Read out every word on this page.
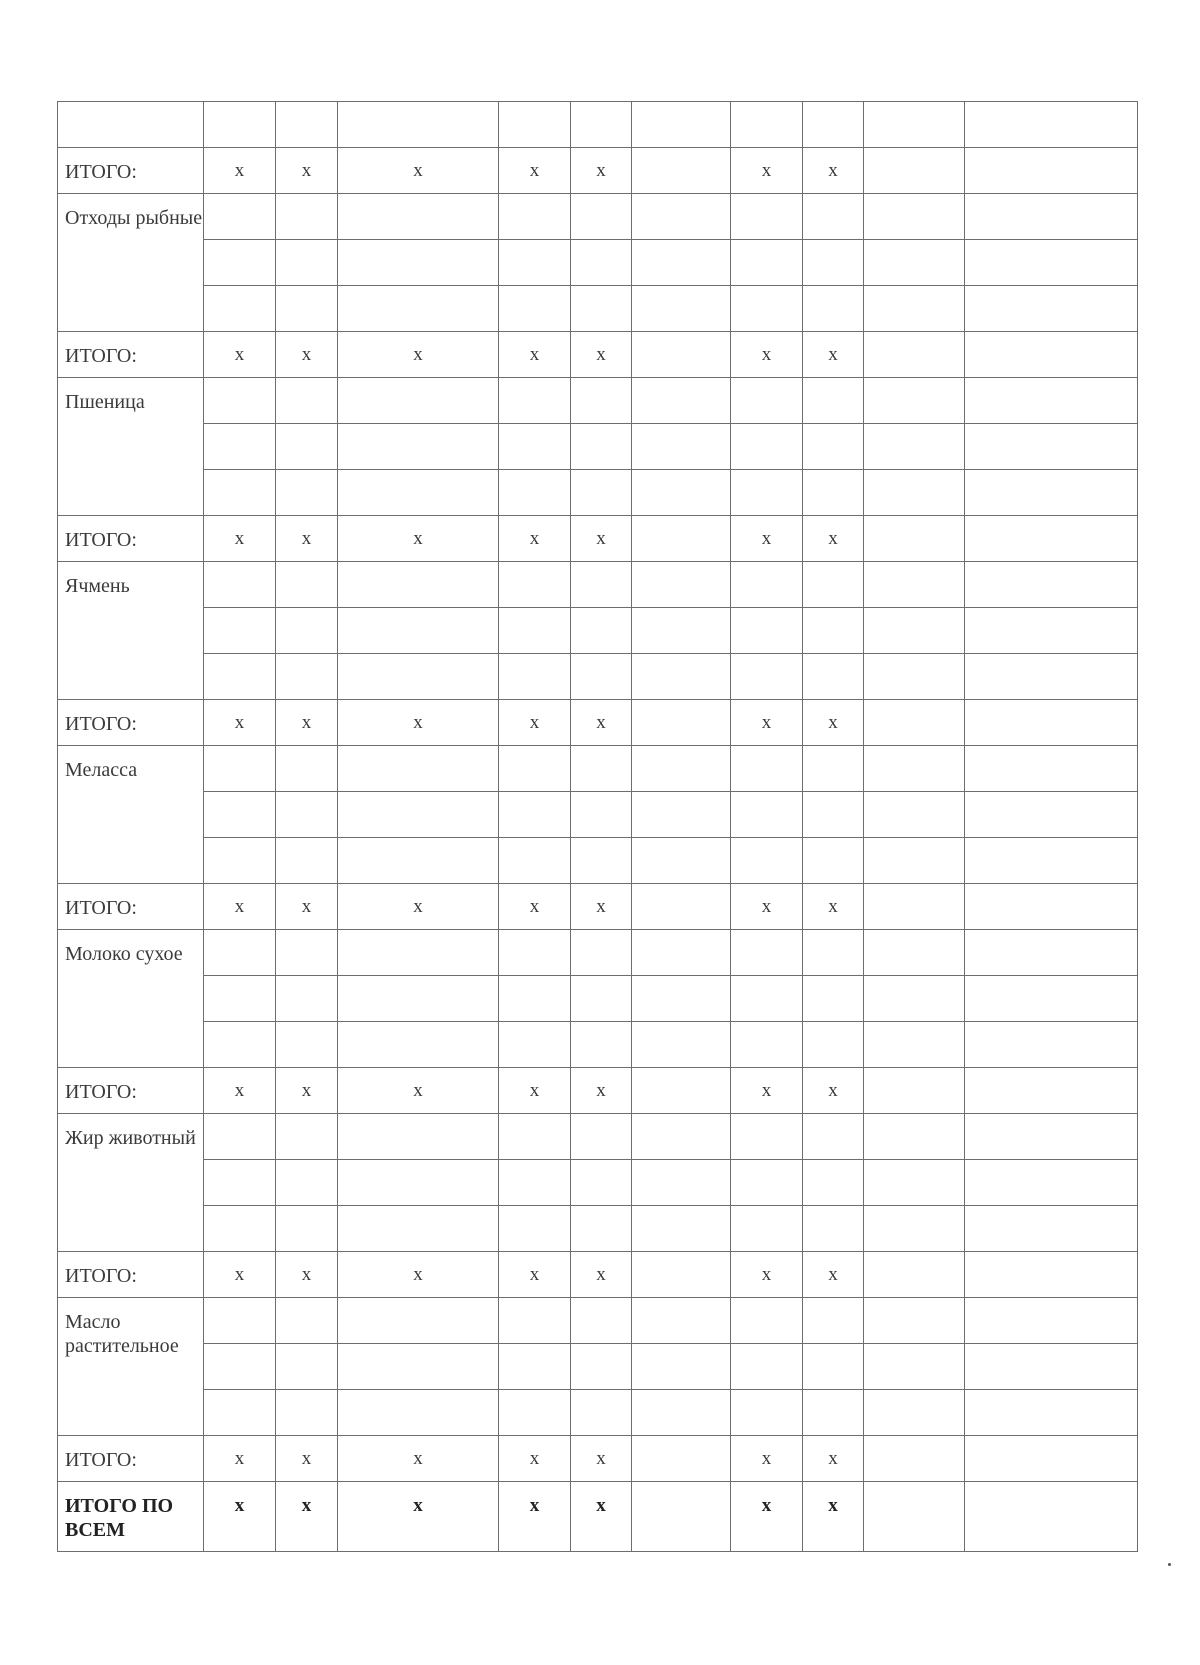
ИТОГО:	x	x	x	x	x		x	x		
Отходы рыбные										

ИТОГО:	x	x	x	x	x		x	x		
Пшеница										

ИТОГО:	x	x	x	x	x		x	x		
Ячмень										

ИТОГО:	x	x	x	x	x		x	x		
Меласса										

ИТОГО:	x	x	x	x	x		x	x		
Молоко сухое										

ИТОГО:	x	x	x	x	x		x	x		
Жир животный										

ИТОГО:	x	x	x	x	x		x	x		
Масло растительное										

ИТОГО:	x	x	x	x	x		x	x		
ИТОГО ПО ВСЕМ	x	x	x	x	x		x	x		
